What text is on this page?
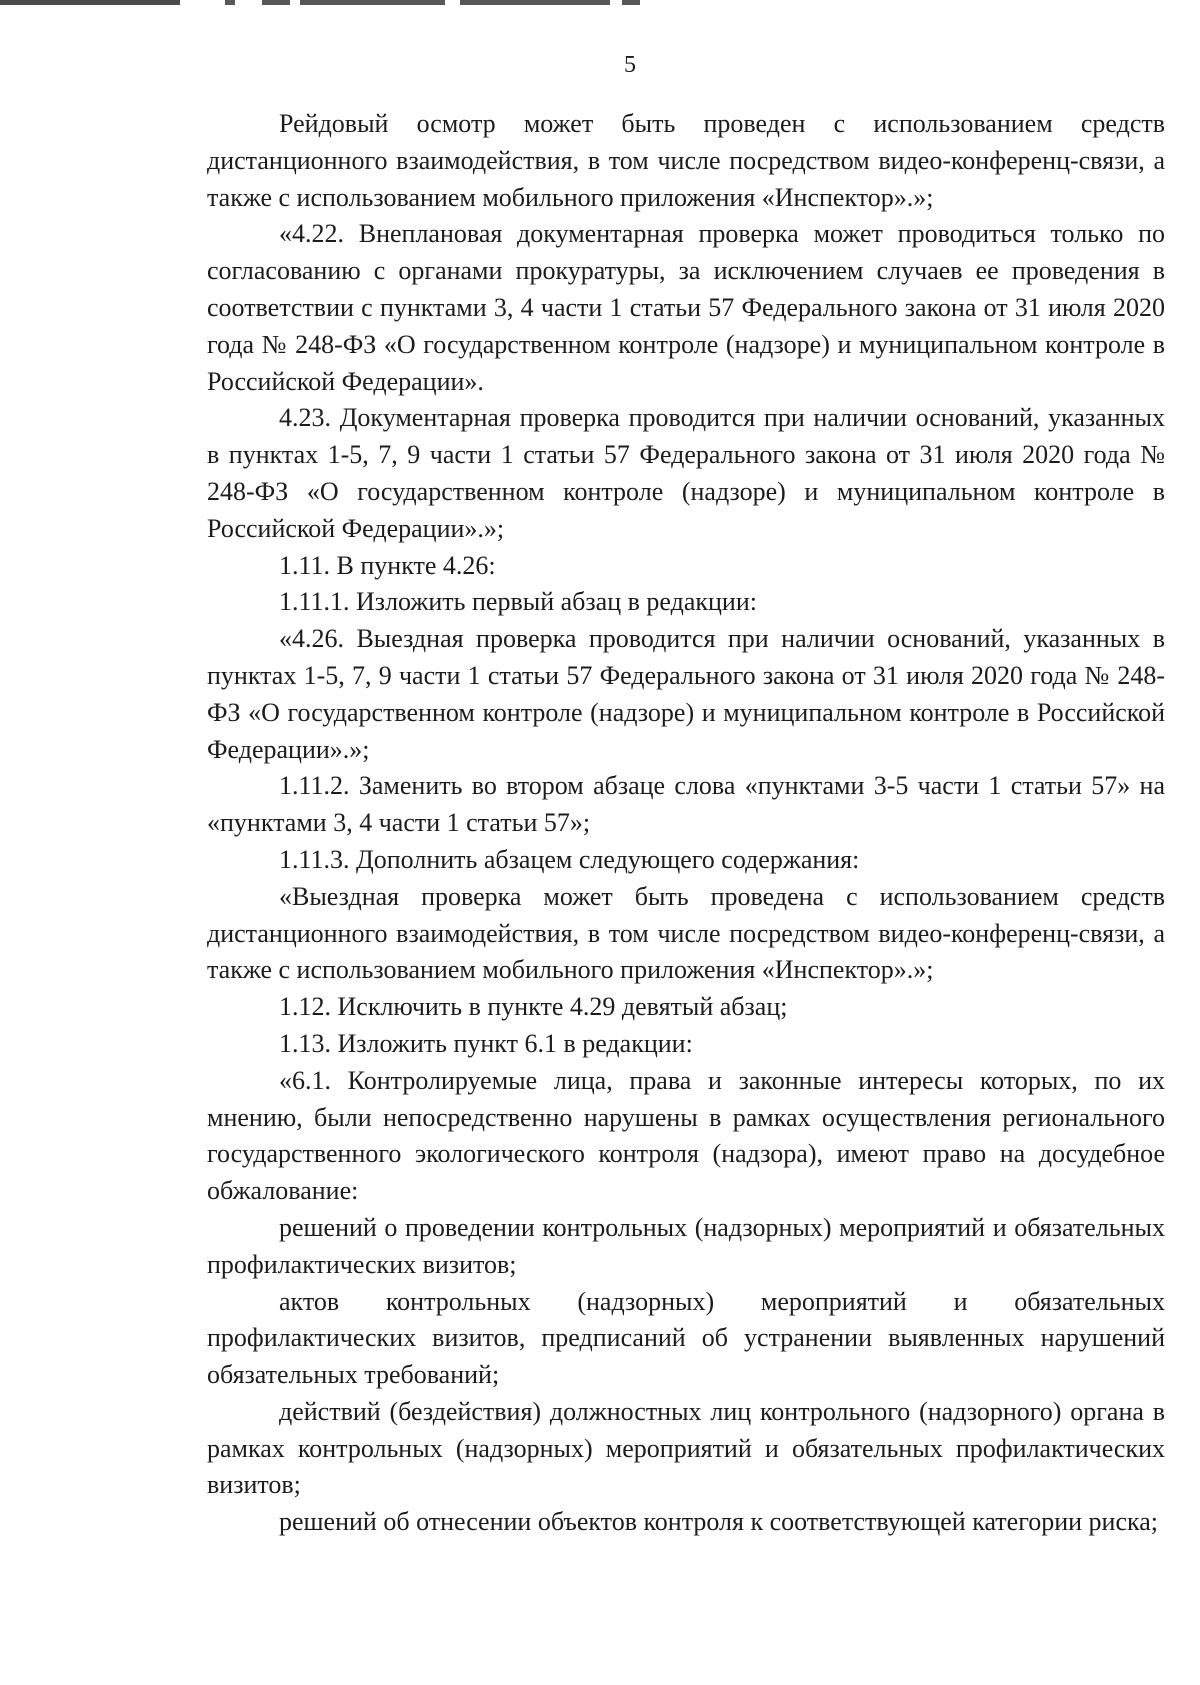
5

Рейдовый осмотр может быть проведен с использованием средств дистанционного взаимодействия, в том числе посредством видео-конференц-связи, а также с использованием мобильного приложения «Инспектор».»;

«4.22. Внеплановая документарная проверка может проводиться только по согласованию с органами прокуратуры, за исключением случаев ее проведения в соответствии с пунктами 3, 4 части 1 статьи 57 Федерального закона от 31 июля 2020 года № 248-ФЗ «О государственном контроле (надзоре) и муниципальном контроле в Российской Федерации».

4.23. Документарная проверка проводится при наличии оснований, указанных в пунктах 1-5, 7, 9 части 1 статьи 57 Федерального закона от 31 июля 2020 года № 248-ФЗ «О государственном контроле (надзоре) и муниципальном контроле в Российской Федерации».»;

1.11. В пункте 4.26:

1.11.1. Изложить первый абзац в редакции:

«4.26. Выездная проверка проводится при наличии оснований, указанных в пунктах 1-5, 7, 9 части 1 статьи 57 Федерального закона от 31 июля 2020 года № 248-ФЗ «О государственном контроле (надзоре) и муниципальном контроле в Российской Федерации».»;

1.11.2. Заменить во втором абзаце слова «пунктами 3-5 части 1 статьи 57» на «пунктами 3, 4 части 1 статьи 57»;

1.11.3. Дополнить абзацем следующего содержания:

«Выездная проверка может быть проведена с использованием средств дистанционного взаимодействия, в том числе посредством видео-конференц-связи, а также с использованием мобильного приложения «Инспектор».»;

1.12. Исключить в пункте 4.29 девятый абзац;

1.13. Изложить пункт 6.1 в редакции:

«6.1. Контролируемые лица, права и законные интересы которых, по их мнению, были непосредственно нарушены в рамках осуществления регионального государственного экологического контроля (надзора), имеют право на досудебное обжалование:

решений о проведении контрольных (надзорных) мероприятий и обязательных профилактических визитов;

актов контрольных (надзорных) мероприятий и обязательных профилактических визитов, предписаний об устранении выявленных нарушений обязательных требований;

действий (бездействия) должностных лиц контрольного (надзорного) органа в рамках контрольных (надзорных) мероприятий и обязательных профилактических визитов;

решений об отнесении объектов контроля к соответствующей категории риска;
